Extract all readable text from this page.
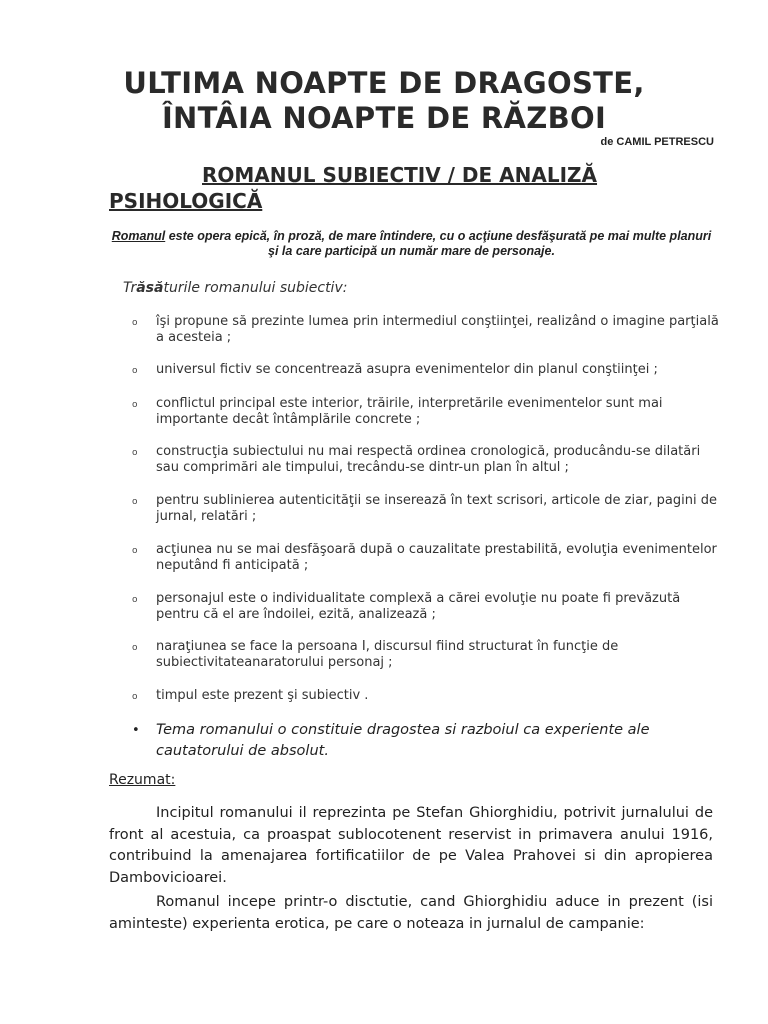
ULTIMA NOAPTE DE DRAGOSTE,
ÎNTÂIA NOAPTE DE RĂZBOI
de CAMIL PETRESCU
ROMANUL SUBIECTIV / DE ANALIZĂ PSIHOLOGICĂ
Romanul este opera epică, în proză, de mare întindere, cu o acţiune desfăşurată pe mai multe planuri şi la care participă un număr mare de personaje.
Trăsăturile romanului subiectiv:
o îşi propune să prezinte lumea prin intermediul conştiinţei, realizând o imagine parţială a acesteia ;
o universul fictiv se concentrează asupra evenimentelor din planul conştiinţei ;
o conflictul principal este interior, trăirile, interpretările evenimentelor sunt mai importante decât întâmplările concrete ;
o construcţia subiectului nu mai respectă ordinea cronologică, producându-se dilatări sau comprimări ale timpului, trecându-se dintr-un plan în altul ;
o pentru sublinierea autenticităţii se inserează în text scrisori, articole de ziar, pagini de jurnal, relatări ;
o acţiunea nu se mai desfăşoară după o cauzalitate prestabilită, evoluţia evenimentelor neputând fi anticipată ;
o personajul este o individualitate complexă a cărei evoluţie nu poate fi prevăzută pentru că el are îndoilei, ezită, analizează ;
o naraţiunea se face la persoana I, discursul fiind structurat în funcţie de subiectivitateanaratorului personaj ;
o timpul este prezent şi subiectiv .
• Tema romanului o constituie dragostea si razboiul ca experiente ale cautatorului de absolut.
Rezumat:
Incipitul romanului il reprezinta pe Stefan Ghiorghidiu, potrivit jurnalului de front al acestuia, ca proaspat sublocotenent reservist in primavera anului 1916, contribuind la amenajarea fortificatiilor de pe Valea Prahovei si din apropierea Dambovicioarei.
Romanul incepe printr-o disctutie, cand Ghiorghidiu aduce in prezent (isi aminteste) experienta erotica, pe care o noteaza in jurnalul de campanie:
